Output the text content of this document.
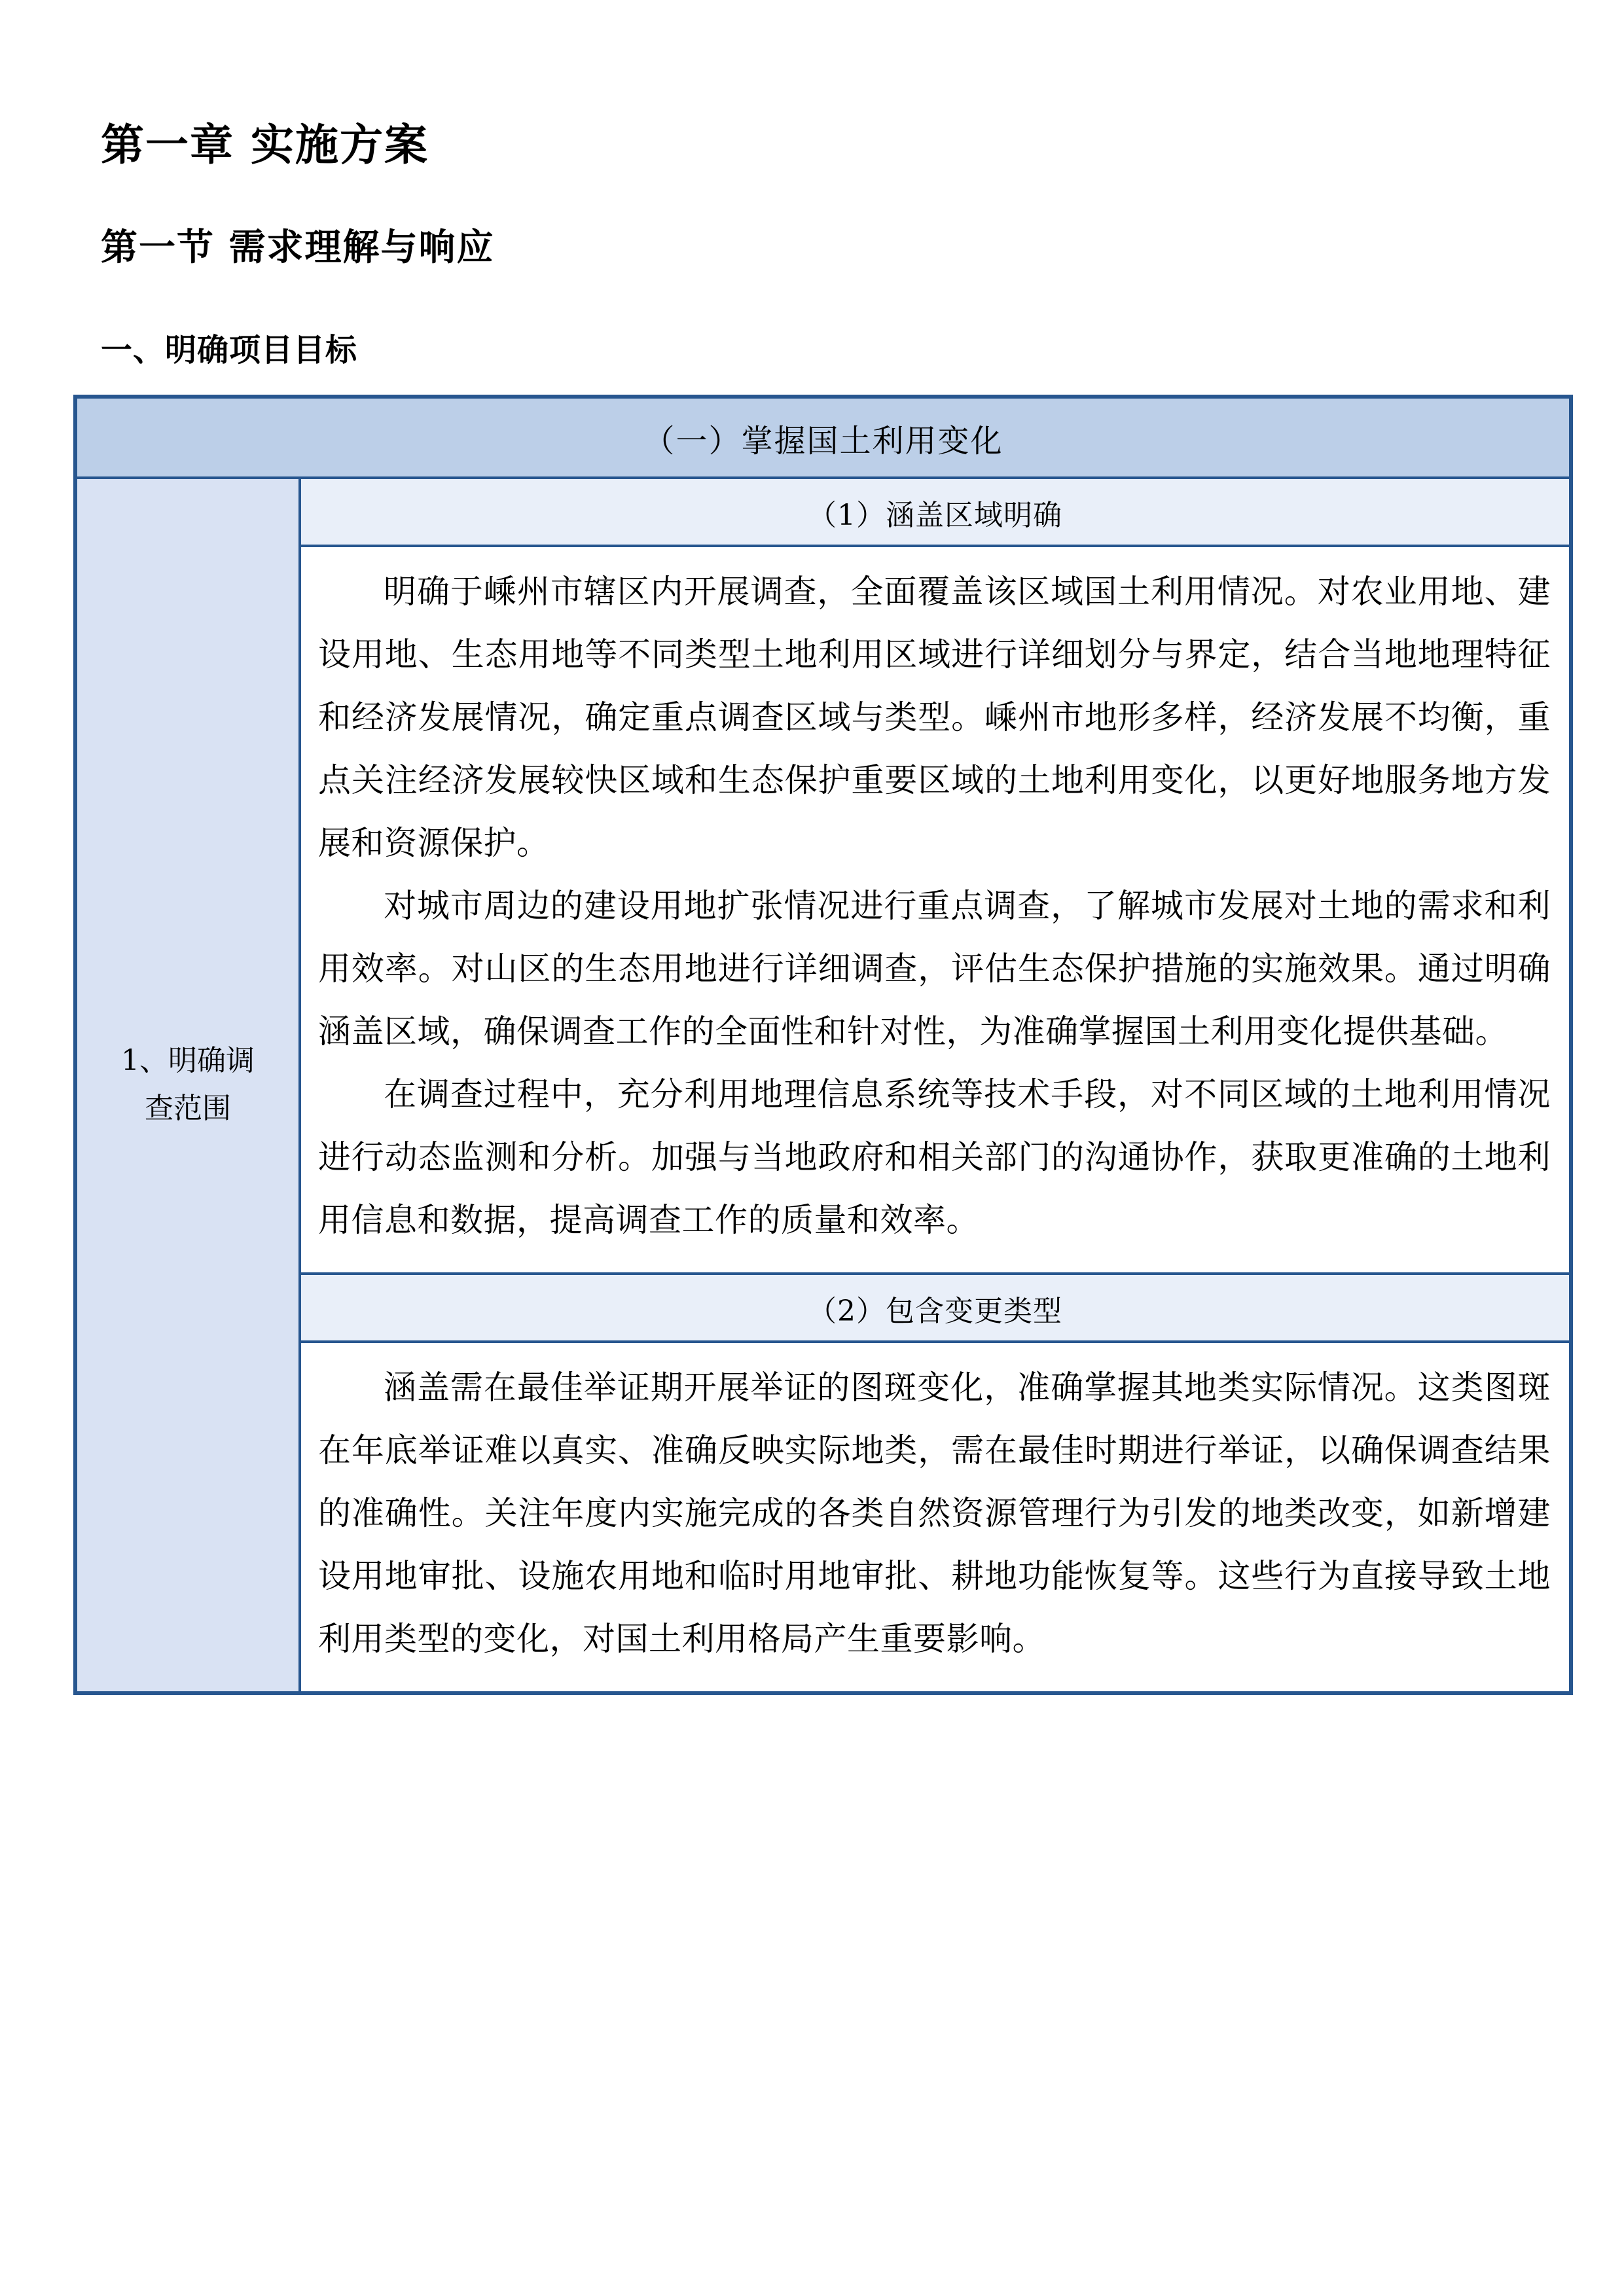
第一章 实施方案
第一节 需求理解与响应
一、明确项目目标
（一）掌握国土利用变化
1、明确调查范围
（1）涵盖区域明确

明确于嵊州市辖区内开展调查，全面覆盖该区域国土利用情况。对农业用地、建设用地、生态用地等不同类型土地利用区域进行详细划分与界定，结合当地地理特征和经济发展情况，确定重点调查区域与类型。嵊州市地形多样，经济发展不均衡，重点关注经济发展较快区域和生态保护重要区域的土地利用变化，以更好地服务地方发展和资源保护。

对城市周边的建设用地扩张情况进行重点调查，了解城市发展对土地的需求和利用效率。对山区的生态用地进行详细调查，评估生态保护措施的实施效果。通过明确涵盖区域，确保调查工作的全面性和针对性，为准确掌握国土利用变化提供基础。

在调查过程中，充分利用地理信息系统等技术手段，对不同区域的土地利用情况进行动态监测和分析。加强与当地政府和相关部门的沟通协作，获取更准确的土地利用信息和数据，提高调查工作的质量和效率。

（2）包含变更类型

涵盖需在最佳举证期开展举证的图斑变化，准确掌握其地类实际情况。这类图斑在年底举证难以真实、准确反映实际地类，需在最佳时期进行举证，以确保调查结果的准确性。关注年度内实施完成的各类自然资源管理行为引发的地类改变，如新增建设用地审批、设施农用地和临时用地审批、耕地功能恢复等。这些行为直接导致土地利用类型的变化，对国土利用格局产生重要影响。
